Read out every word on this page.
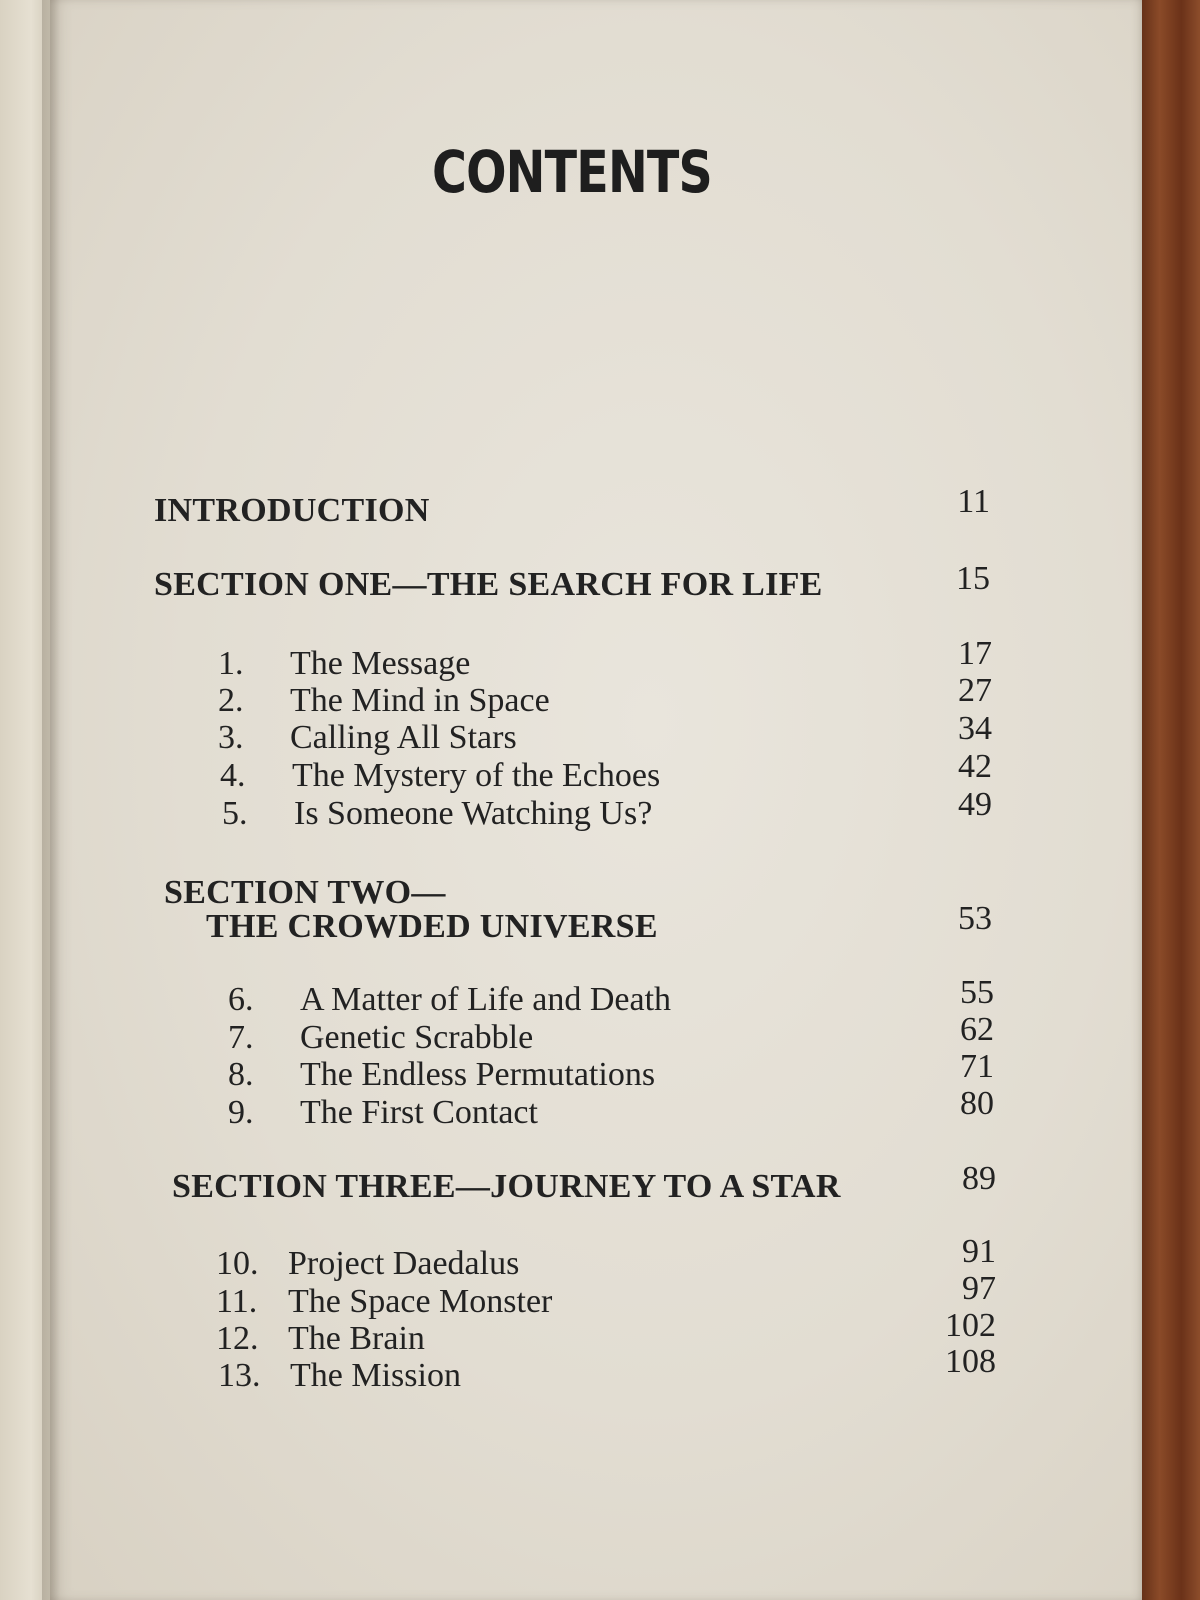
CONTENTS
INTRODUCTION	11
SECTION ONE—THE SEARCH FOR LIFE	15
1. The Message	17
2. The Mind in Space	27
3. Calling All Stars	34
4. The Mystery of the Echoes	42
5. Is Someone Watching Us?	49
SECTION TWO—
THE CROWDED UNIVERSE	53
6. A Matter of Life and Death	55
7. Genetic Scrabble	62
8. The Endless Permutations	71
9. The First Contact	80
SECTION THREE—JOURNEY TO A STAR	89
10. Project Daedalus	91
11. The Space Monster	97
12. The Brain	102
13. The Mission	108
